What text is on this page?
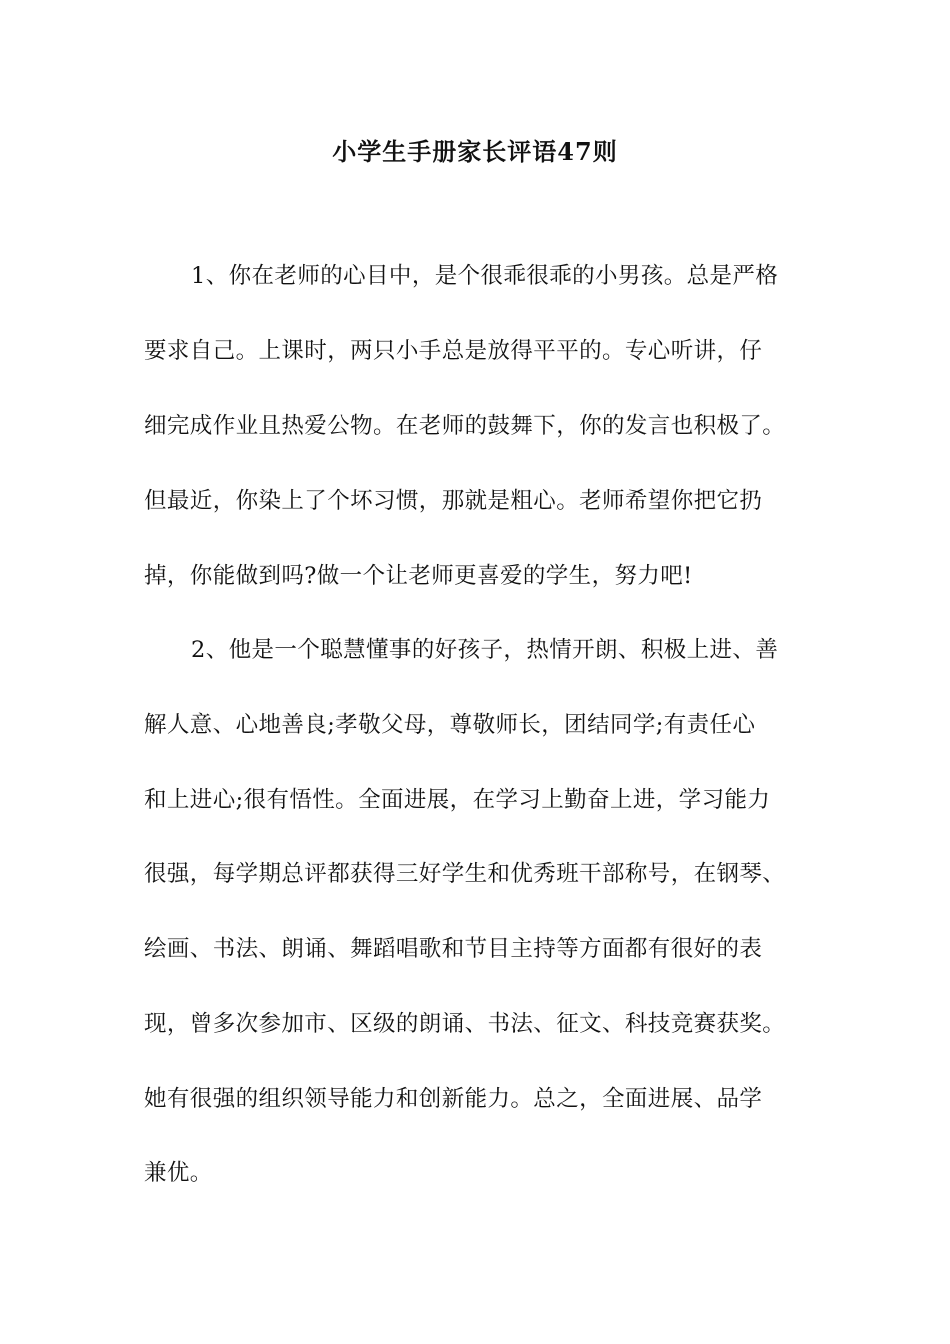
小学生手册家长评语47则
1、你在老师的心目中，是个很乖很乖的小男孩。总是严格
要求自己。上课时，两只小手总是放得平平的。专心听讲，仔
细完成作业且热爱公物。在老师的鼓舞下，你的发言也积极了。
但最近，你染上了个坏习惯，那就是粗心。老师希望你把它扔
掉，你能做到吗?做一个让老师更喜爱的学生，努力吧!
2、他是一个聪慧懂事的好孩子，热情开朗、积极上进、善
解人意、心地善良;孝敬父母，尊敬师长，团结同学;有责任心
和上进心;很有悟性。全面进展，在学习上勤奋上进，学习能力
很强，每学期总评都获得三好学生和优秀班干部称号，在钢琴、
绘画、书法、朗诵、舞蹈唱歌和节目主持等方面都有很好的表
现，曾多次参加市、区级的朗诵、书法、征文、科技竞赛获奖。
她有很强的组织领导能力和创新能力。总之，全面进展、品学
兼优。
